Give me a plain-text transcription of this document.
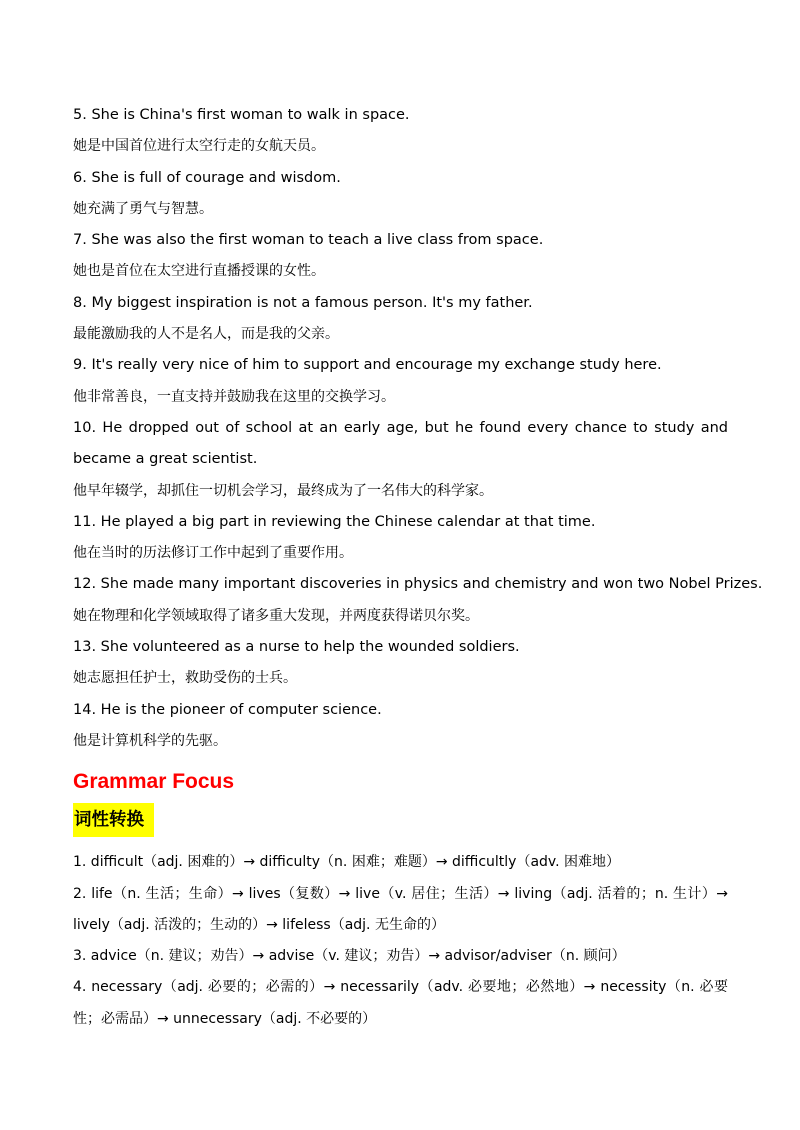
5. She is China's first woman to walk in space.

她是中国首位进行太空行走的女航天员。

6. She is full of courage and wisdom.

她充满了勇气与智慧。

7. She was also the first woman to teach a live class from space.

她也是首位在太空进行直播授课的女性。

8. My biggest inspiration is not a famous person. It's my father.

最能激励我的人不是名人，而是我的父亲。

9. It's really very nice of him to support and encourage my exchange study here.

他非常善良，一直支持并鼓励我在这里的交换学习。

10. He dropped out of school at an early age, but he found every chance to study and became a great scientist.

他早年辍学，却抓住一切机会学习，最终成为了一名伟大的科学家。

11. He played a big part in reviewing the Chinese calendar at that time.

他在当时的历法修订工作中起到了重要作用。

12. She made many important discoveries in physics and chemistry and won two Nobel Prizes.

她在物理和化学领域取得了诸多重大发现，并两度获得诺贝尔奖。

13. She volunteered as a nurse to help the wounded soldiers.

她志愿担任护士，救助受伤的士兵。

14. He is the pioneer of computer science.

他是计算机科学的先驱。

Grammar Focus
词性转换

1. difficult（adj. 困难的）→ difficulty（n. 困难；难题）→ difficultly（adv. 困难地）

2. life（n. 生活；生命）→ lives（复数）→ live（v. 居住；生活）→ living（adj. 活着的；n. 生计）→ lively（adj. 活泼的；生动的）→ lifeless（adj. 无生命的）

3. advice（n. 建议；劝告）→ advise（v. 建议；劝告）→ advisor/adviser（n. 顾问）

4. necessary（adj. 必要的；必需的）→ necessarily（adv. 必要地；必然地）→ necessity（n. 必要性；必需品）→ unnecessary（adj. 不必要的）
